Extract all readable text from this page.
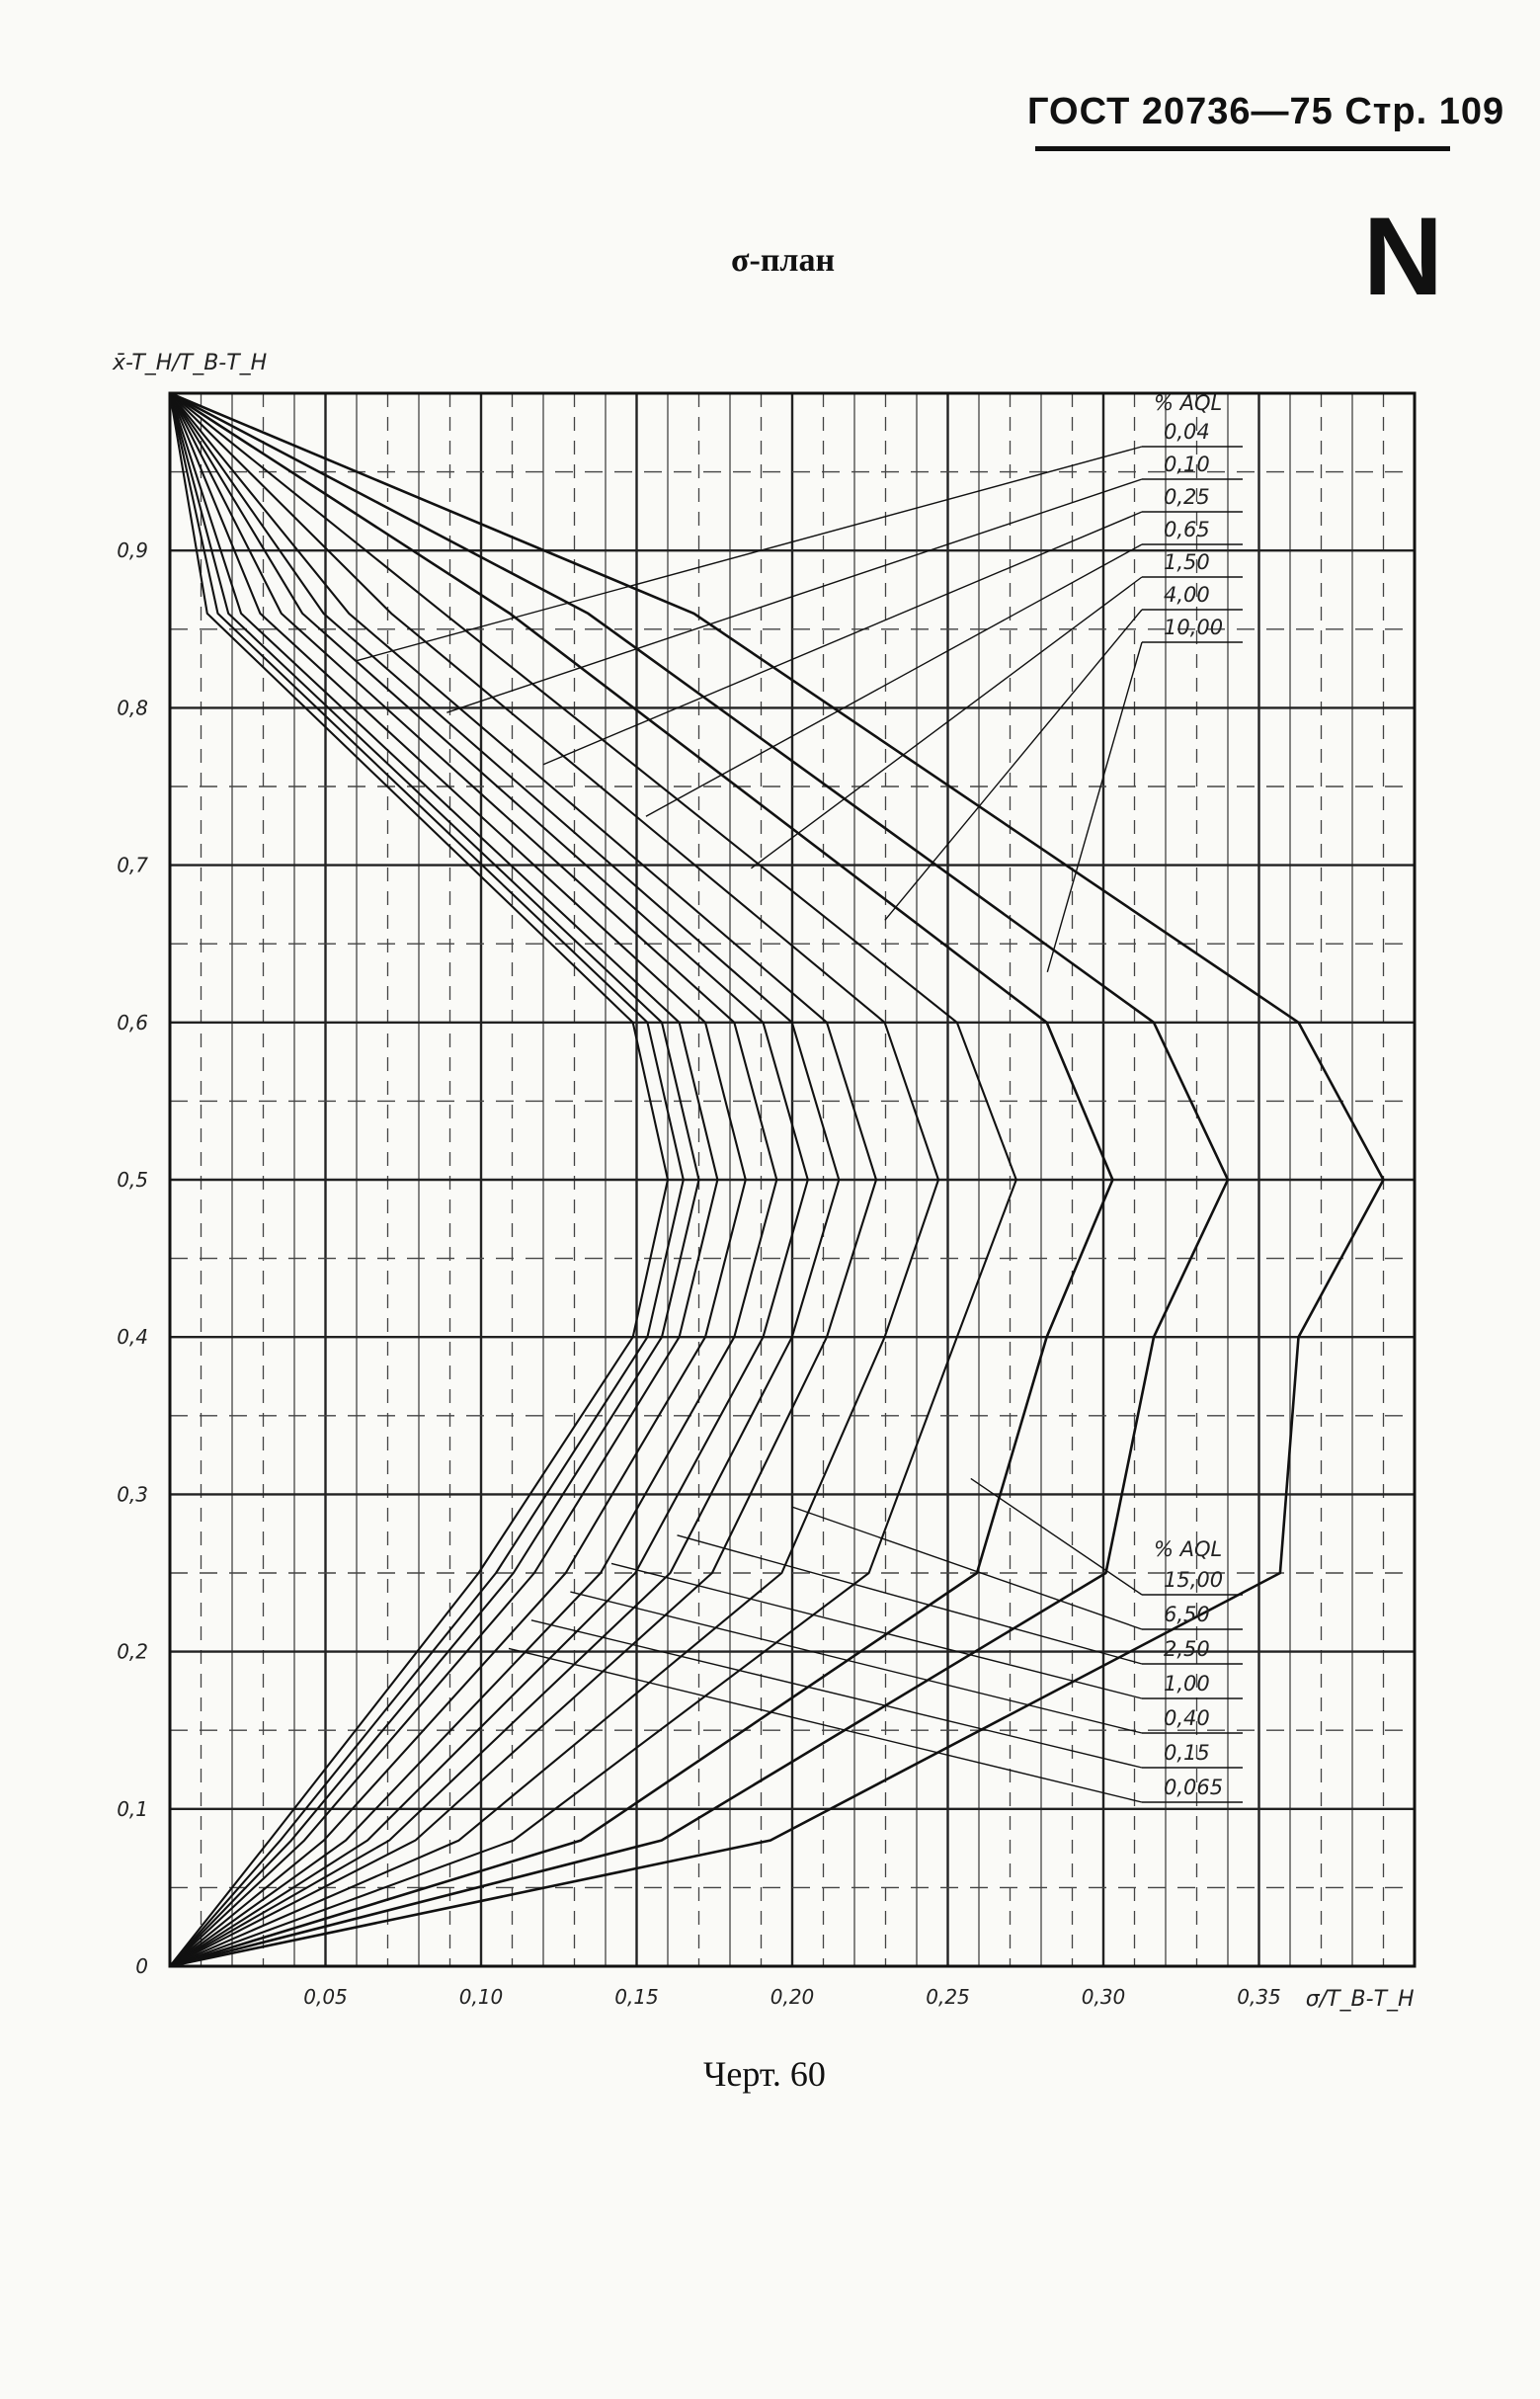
ГОСТ 20736—75 Стр. 109
N
σ-план
0,05	0,10	0,15	0,20	0,25	0,30	0,35
0
0,1
0,2
0,3
0,4
0,5
0,6
0,7
0,8
0,9
% AQL
0,04
0,10
0,25
0,65
1,50
4,00
10,00
% AQL
15,00
6,50
2,50
1,00
0,40
0,15
0,065
σ/T_В-T_Н
x̄-T_Н/T_В-T_Н
Черт. 60
